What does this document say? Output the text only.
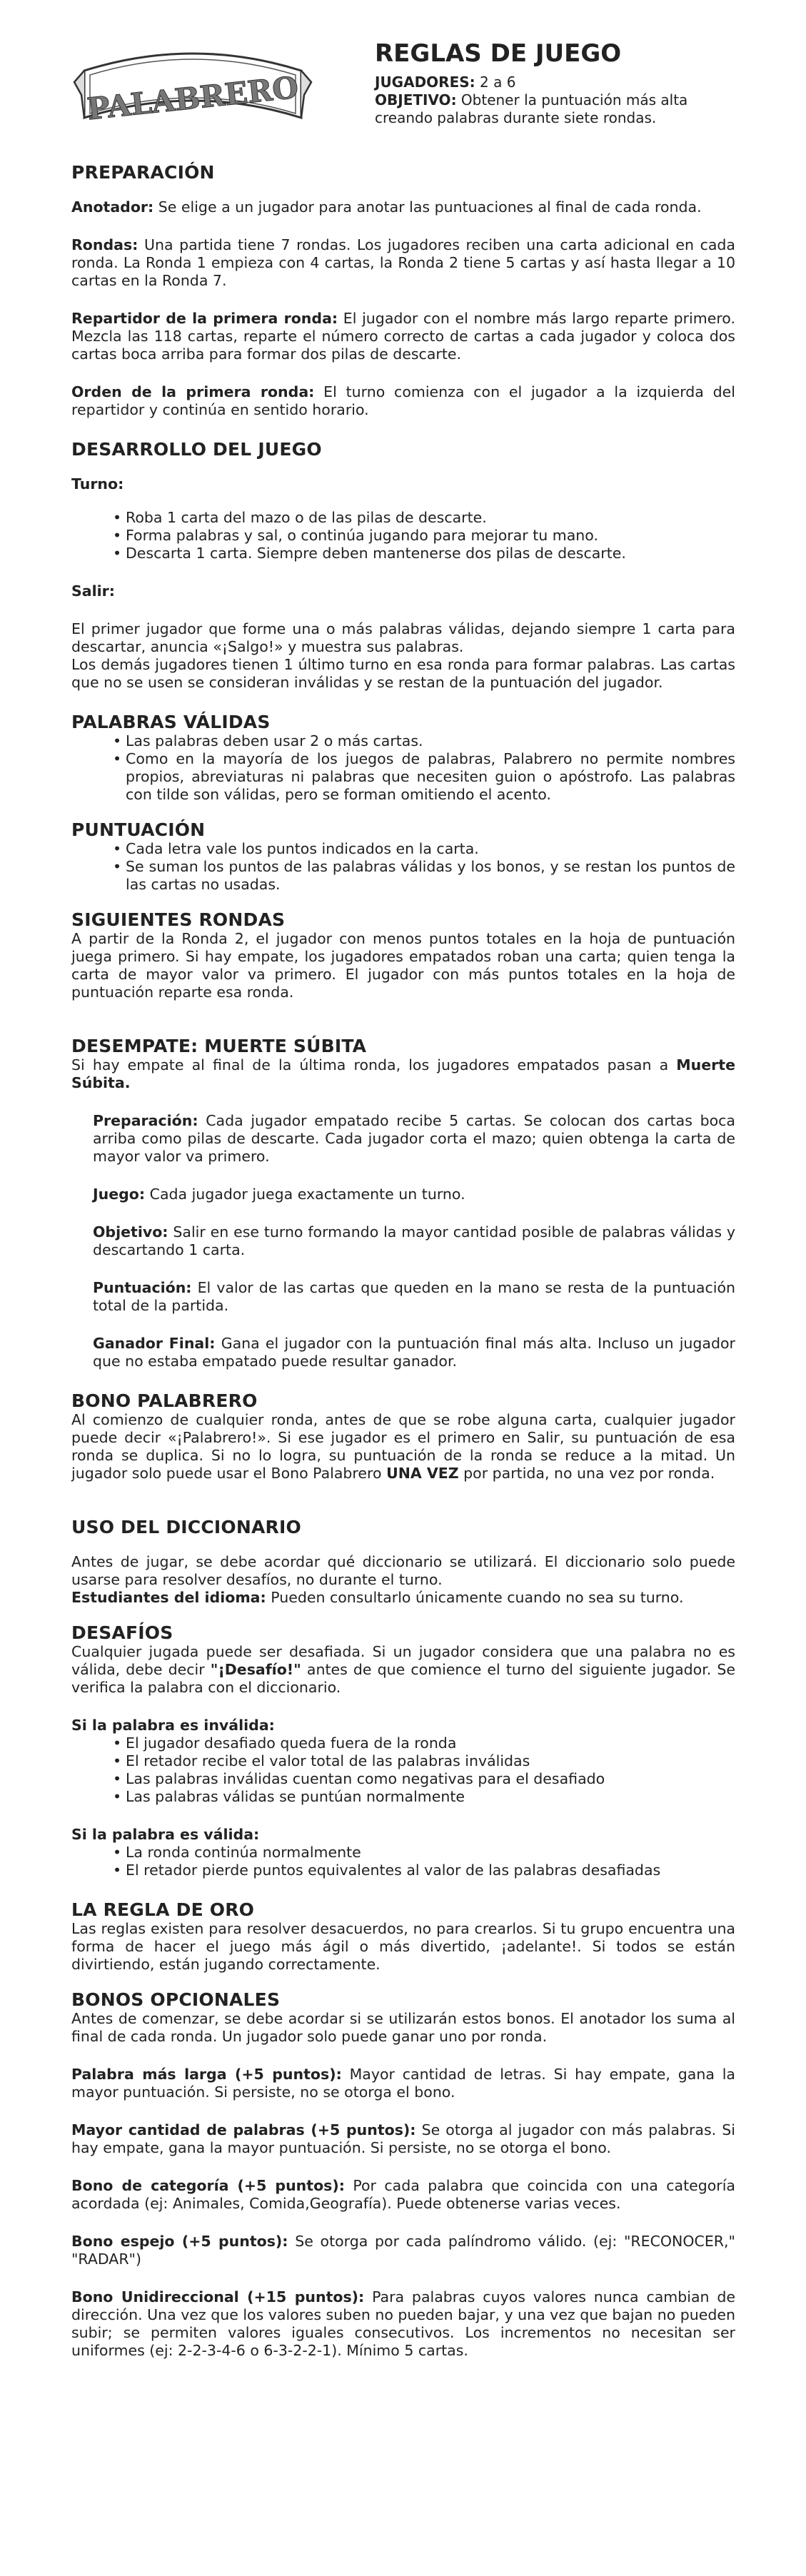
PALABRERO
REGLAS DE JUEGO

JUGADORES: 2 a 6

OBJETIVO: Obtener la puntuación más alta creando palabras durante siete rondas.

PREPARACIÓN

Anotador: Se elige a un jugador para anotar las puntuaciones al final de cada ronda.

Rondas: Una partida tiene 7 rondas. Los jugadores reciben una carta adicional en cada ronda. La Ronda 1 empieza con 4 cartas, la Ronda 2 tiene 5 cartas y así hasta llegar a 10 cartas en la Ronda 7.

Repartidor de la primera ronda: El jugador con el nombre más largo reparte primero. Mezcla las 118 cartas, reparte el número correcto de cartas a cada jugador y coloca dos cartas boca arriba para formar dos pilas de descarte.

Orden de la primera ronda: El turno comienza con el jugador a la izquierda del repartidor y continúa en sentido horario.

DESARROLLO DEL JUEGO

Turno:

• Roba 1 carta del mazo o de las pilas de descarte.
• Forma palabras y sal, o continúa jugando para mejorar tu mano.
• Descarta 1 carta. Siempre deben mantenerse dos pilas de descarte.

Salir:

El primer jugador que forme una o más palabras válidas, dejando siempre 1 carta para descartar, anuncia «¡Salgo!» y muestra sus palabras.

Los demás jugadores tienen 1 último turno en esa ronda para formar palabras. Las cartas que no se usen se consideran inválidas y se restan de la puntuación del jugador.

PALABRAS VÁLIDAS
• Las palabras deben usar 2 o más cartas.
• Como en la mayoría de los juegos de palabras, Palabrero no permite nombres propios, abreviaturas ni palabras que necesiten guion o apóstrofo. Las palabras con tilde son válidas, pero se forman omitiendo el acento.
PUNTUACIÓN
• Cada letra vale los puntos indicados en la carta.
• Se suman los puntos de las palabras válidas y los bonos, y se restan los puntos de las cartas no usadas.
SIGUIENTES RONDAS

A partir de la Ronda 2, el jugador con menos puntos totales en la hoja de puntuación juega primero. Si hay empate, los jugadores empatados roban una carta; quien tenga la carta de mayor valor va primero. El jugador con más puntos totales en la hoja de puntuación reparte esa ronda.

DESEMPATE: MUERTE SÚBITA

Si hay empate al final de la última ronda, los jugadores empatados pasan a Muerte Súbita.

Preparación: Cada jugador empatado recibe 5 cartas. Se colocan dos cartas boca arriba como pilas de descarte. Cada jugador corta el mazo; quien obtenga la carta de mayor valor va primero.

Juego: Cada jugador juega exactamente un turno.

Objetivo: Salir en ese turno formando la mayor cantidad posible de palabras válidas y descartando 1 carta.

Puntuación: El valor de las cartas que queden en la mano se resta de la puntuación total de la partida.

Ganador Final: Gana el jugador con la puntuación final más alta. Incluso un jugador que no estaba empatado puede resultar ganador.

BONO PALABRERO

Al comienzo de cualquier ronda, antes de que se robe alguna carta, cualquier jugador puede decir «¡Palabrero!». Si ese jugador es el primero en Salir, su puntuación de esa ronda se duplica. Si no lo logra, su puntuación de la ronda se reduce a la mitad. Un jugador solo puede usar el Bono Palabrero UNA VEZ por partida, no una vez por ronda.

USO DEL DICCIONARIO

Antes de jugar, se debe acordar qué diccionario se utilizará. El diccionario solo puede usarse para resolver desafíos, no durante el turno.

Estudiantes del idioma: Pueden consultarlo únicamente cuando no sea su turno.

DESAFÍOS

Cualquier jugada puede ser desafiada. Si un jugador considera que una palabra no es válida, debe decir "¡Desafío!" antes de que comience el turno del siguiente jugador. Se verifica la palabra con el diccionario.

Si la palabra es inválida:

• El jugador desafiado queda fuera de la ronda
• El retador recibe el valor total de las palabras inválidas
• Las palabras inválidas cuentan como negativas para el desafiado
• Las palabras válidas se puntúan normalmente

Si la palabra es válida:

• La ronda continúa normalmente
• El retador pierde puntos equivalentes al valor de las palabras desafiadas
LA REGLA DE ORO

Las reglas existen para resolver desacuerdos, no para crearlos. Si tu grupo encuentra una forma de hacer el juego más ágil o más divertido, ¡adelante!. Si todos se están divirtiendo, están jugando correctamente.

BONOS OPCIONALES

Antes de comenzar, se debe acordar si se utilizarán estos bonos. El anotador los suma al final de cada ronda. Un jugador solo puede ganar uno por ronda.

Palabra más larga (+5 puntos): Mayor cantidad de letras. Si hay empate, gana la mayor puntuación. Si persiste, no se otorga el bono.

Mayor cantidad de palabras (+5 puntos): Se otorga al jugador con más palabras. Si hay empate, gana la mayor puntuación. Si persiste, no se otorga el bono.

Bono de categoría (+5 puntos): Por cada palabra que coincida con una categoría acordada (ej: Animales, Comida,Geografía). Puede obtenerse varias veces.

Bono espejo (+5 puntos): Se otorga por cada palíndromo válido. (ej: "RECONOCER," "RADAR")

Bono Unidireccional (+15 puntos): Para palabras cuyos valores nunca cambian de dirección. Una vez que los valores suben no pueden bajar, y una vez que bajan no pueden subir; se permiten valores iguales consecutivos. Los incrementos no necesitan ser uniformes (ej: 2-2-3-4-6 o 6-3-2-2-1). Mínimo 5 cartas.
